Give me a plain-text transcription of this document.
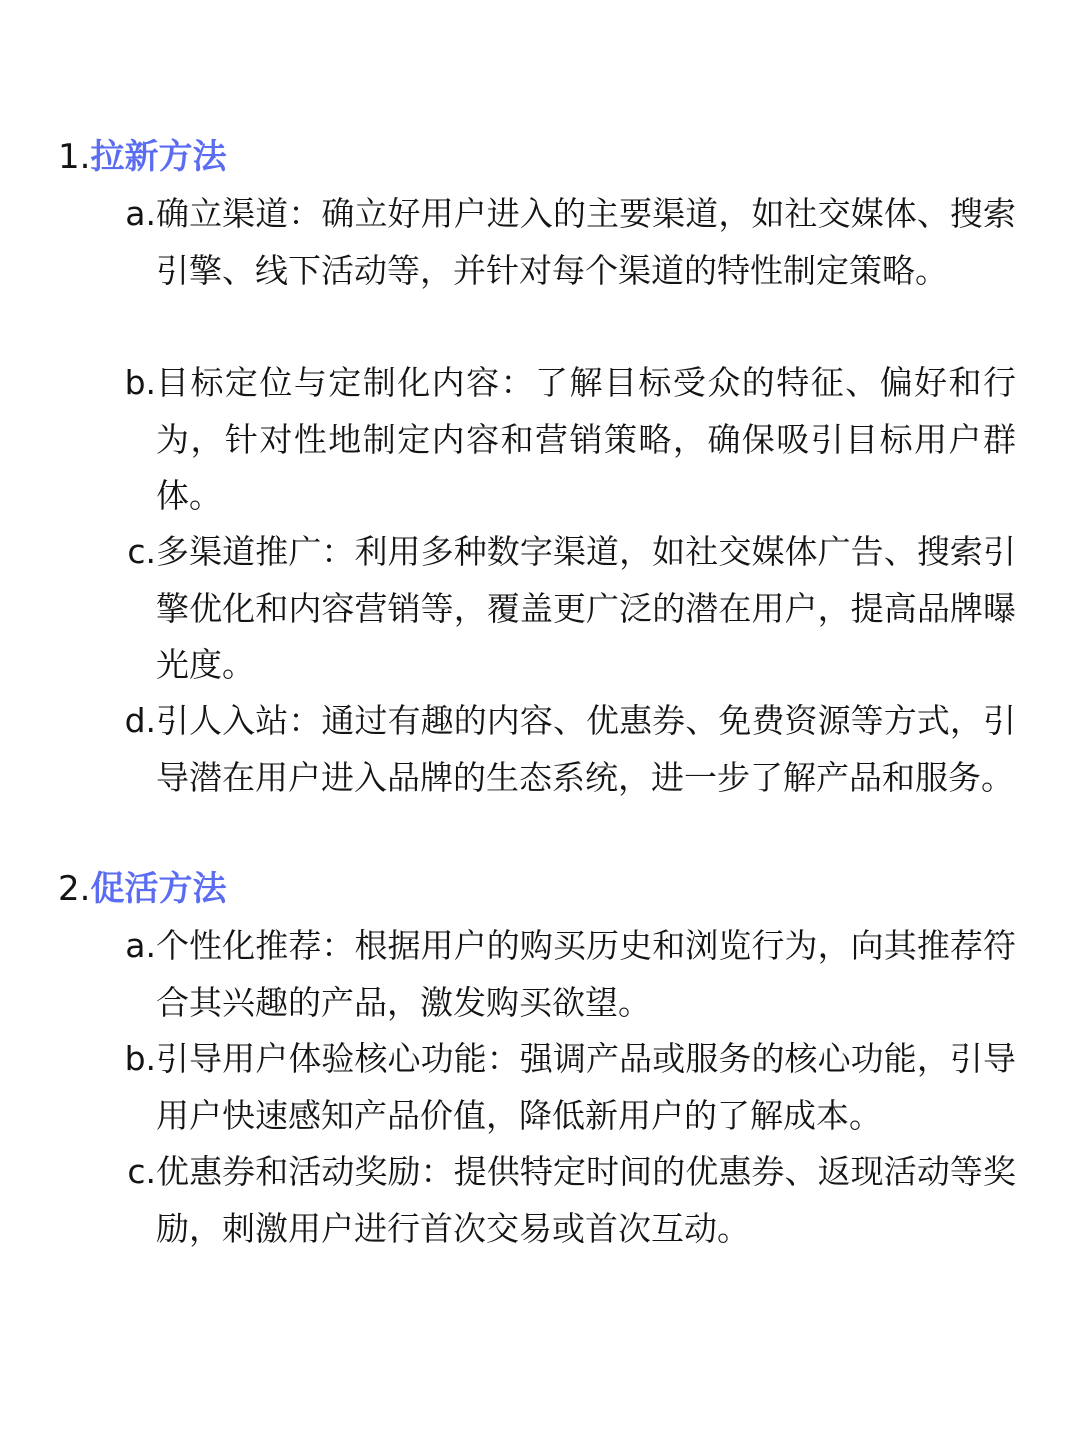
1.拉新方法
a. 确立渠道：确立好用户进入的主要渠道，如社交媒体、搜索引擎、线下活动等，并针对每个渠道的特性制定策略。
b. 目标定位与定制化内容：了解目标受众的特征、偏好和行为，针对性地制定内容和营销策略，确保吸引目标用户群体。
c. 多渠道推广：利用多种数字渠道，如社交媒体广告、搜索引擎优化和内容营销等，覆盖更广泛的潜在用户，提高品牌曝光度。
d. 引人入站：通过有趣的内容、优惠券、免费资源等方式，引导潜在用户进入品牌的生态系统，进一步了解产品和服务。
2.促活方法
a. 个性化推荐：根据用户的购买历史和浏览行为，向其推荐符合其兴趣的产品，激发购买欲望。
b. 引导用户体验核心功能：强调产品或服务的核心功能，引导用户快速感知产品价值，降低新用户的了解成本。
c. 优惠券和活动奖励：提供特定时间的优惠券、返现活动等奖励，刺激用户进行首次交易或首次互动。
